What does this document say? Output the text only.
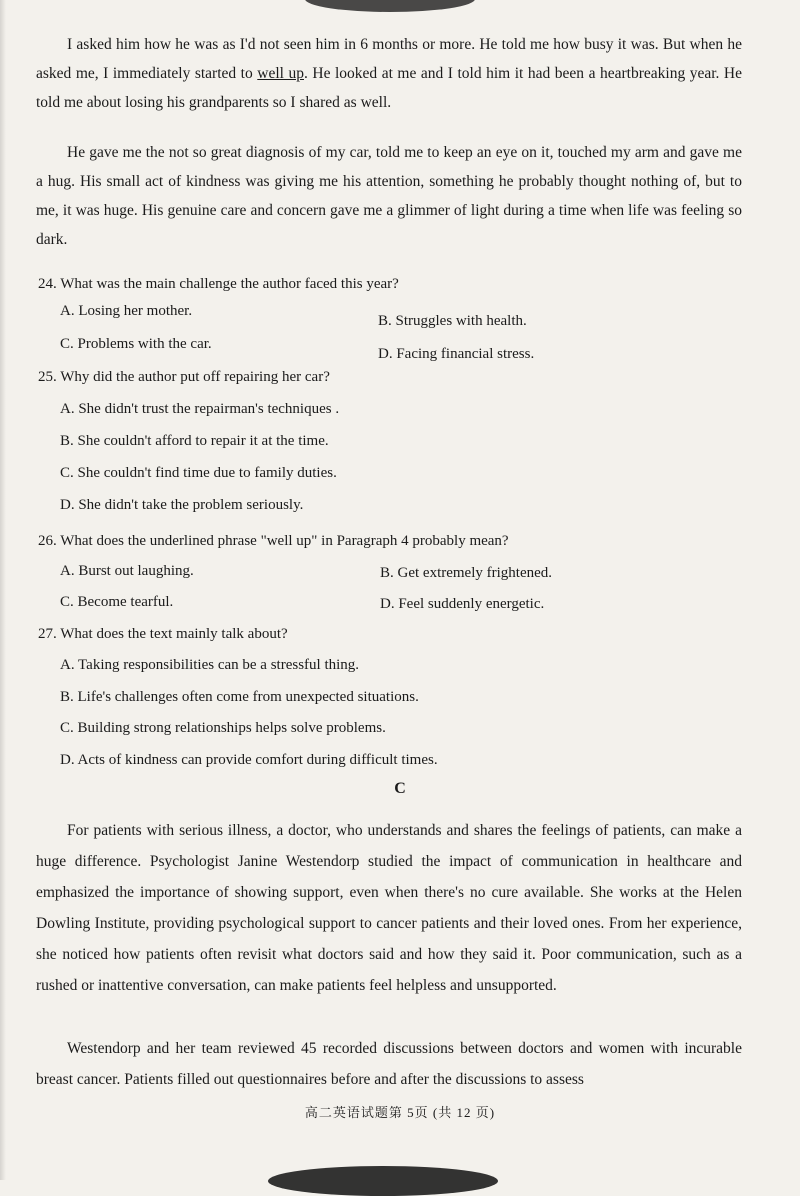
I asked him how he was as I'd not seen him in 6 months or more. He told me how busy it was. But when he asked me, I immediately started to well up. He looked at me and I told him it had been a heartbreaking year. He told me about losing his grandparents so I shared as well.

He gave me the not so great diagnosis of my car, told me to keep an eye on it, touched my arm and gave me a hug. His small act of kindness was giving me his attention, something he probably thought nothing of, but to me, it was huge. His genuine care and concern gave me a glimmer of light during a time when life was feeling so dark.

24. What was the main challenge the author faced this year?

A. Losing her mother.

B. Struggles with health.

C. Problems with the car.

D. Facing financial stress.

25. Why did the author put off repairing her car?

A. She didn't trust the repairman's techniques .

B. She couldn't afford to repair it at the time.

C. She couldn't find time due to family duties.

D. She didn't take the problem seriously.

26. What does the underlined phrase "well up" in Paragraph 4 probably mean?

A. Burst out laughing.	B. Get extremely frightened.

C. Become tearful.	D. Feel suddenly energetic.

27. What does the text mainly talk about?

A. Taking responsibilities can be a stressful thing.

B. Life's challenges often come from unexpected situations.

C. Building strong relationships helps solve problems.

D. Acts of kindness can provide comfort during difficult times.

C

For patients with serious illness, a doctor, who understands and shares the feelings of patients, can make a huge difference. Psychologist Janine Westendorp studied the impact of communication in healthcare and emphasized the importance of showing support, even when there's no cure available. She works at the Helen Dowling Institute, providing psychological support to cancer patients and their loved ones. From her experience, she noticed how patients often revisit what doctors said and how they said it. Poor communication, such as a rushed or inattentive conversation, can make patients feel helpless and unsupported.

Westendorp and her team reviewed 45 recorded discussions between doctors and women with incurable breast cancer. Patients filled out questionnaires before and after the discussions to assess

高二英语试题第 5页 (共 12 页)
